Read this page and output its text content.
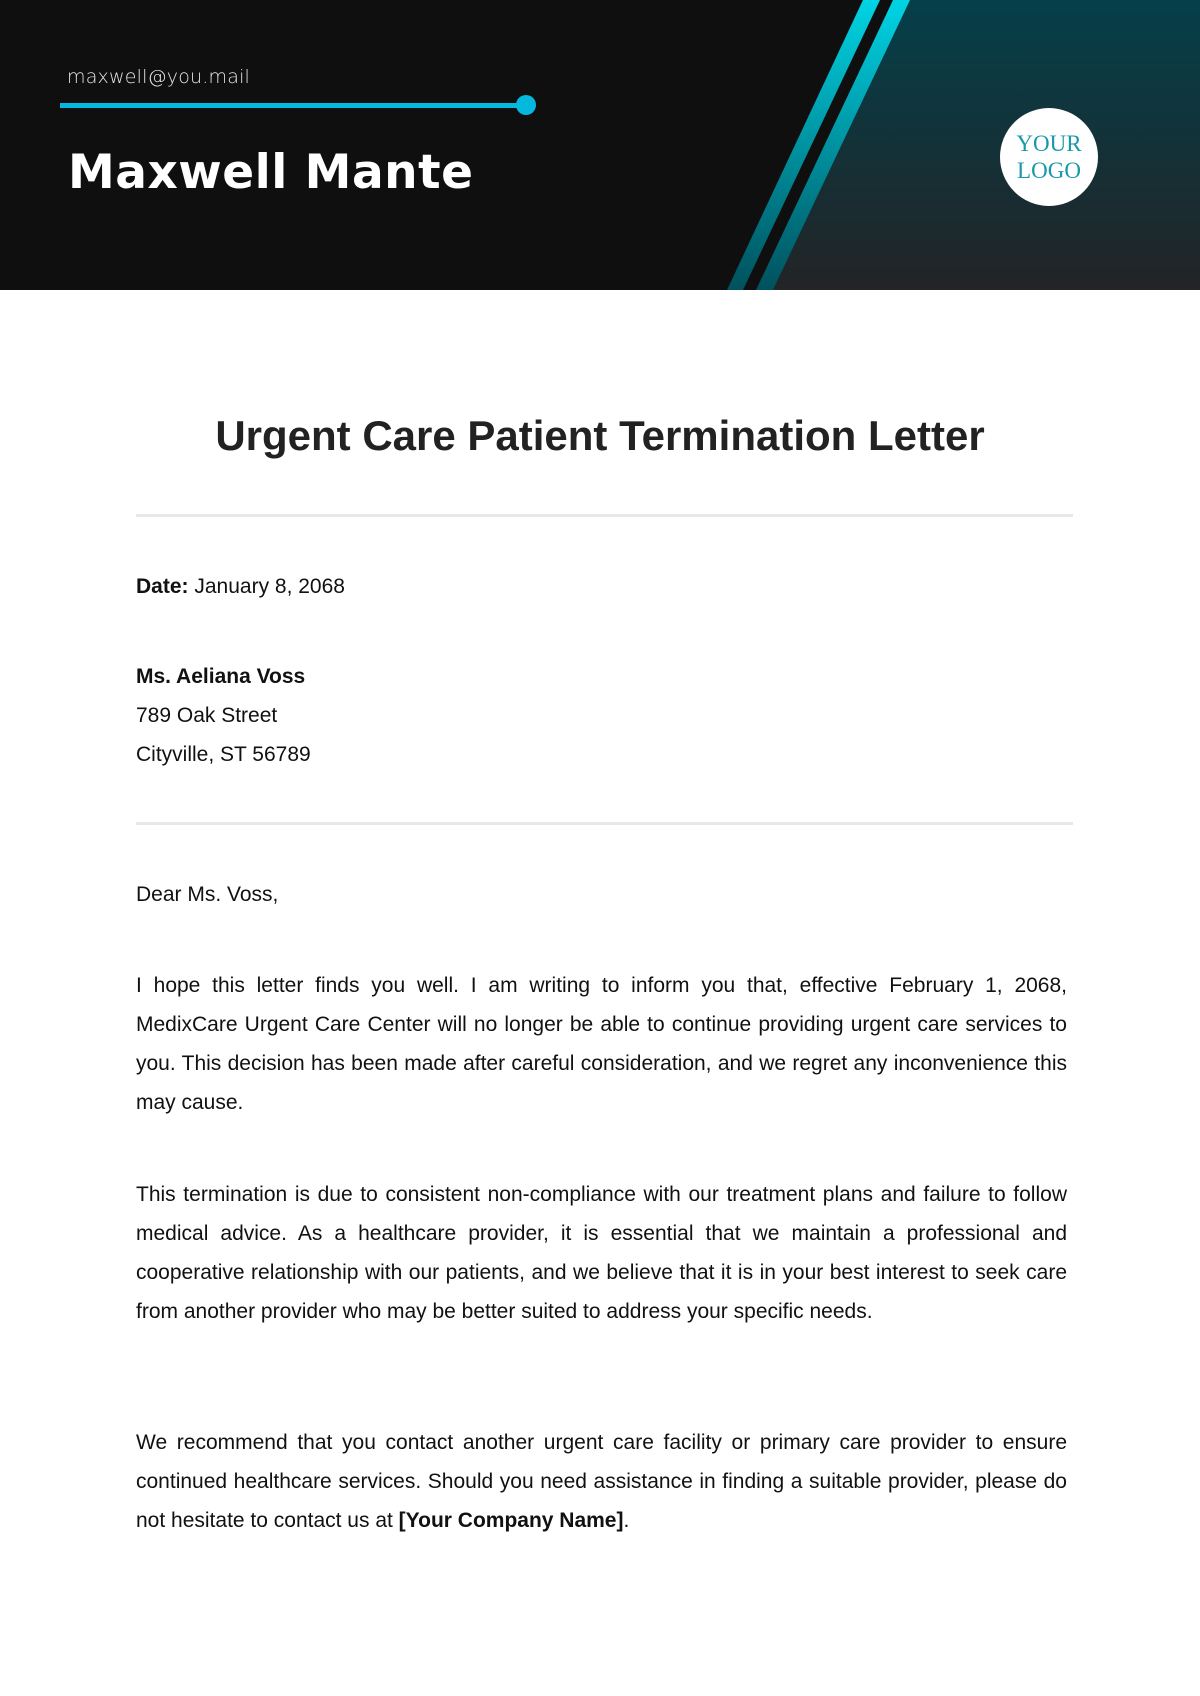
maxwell@you.mail
Maxwell Mante
YOUR LOGO
Urgent Care Patient Termination Letter
Date: January 8, 2068
Ms. Aeliana Voss
789 Oak Street
Cityville, ST 56789
Dear Ms. Voss,
I hope this letter finds you well. I am writing to inform you that, effective February 1, 2068, MedixCare Urgent Care Center will no longer be able to continue providing urgent care services to you. This decision has been made after careful consideration, and we regret any inconvenience this may cause.
This termination is due to consistent non-compliance with our treatment plans and failure to follow medical advice. As a healthcare provider, it is essential that we maintain a professional and cooperative relationship with our patients, and we believe that it is in your best interest to seek care from another provider who may be better suited to address your specific needs.
We recommend that you contact another urgent care facility or primary care provider to ensure continued healthcare services. Should you need assistance in finding a suitable provider, please do not hesitate to contact us at [Your Company Name].
